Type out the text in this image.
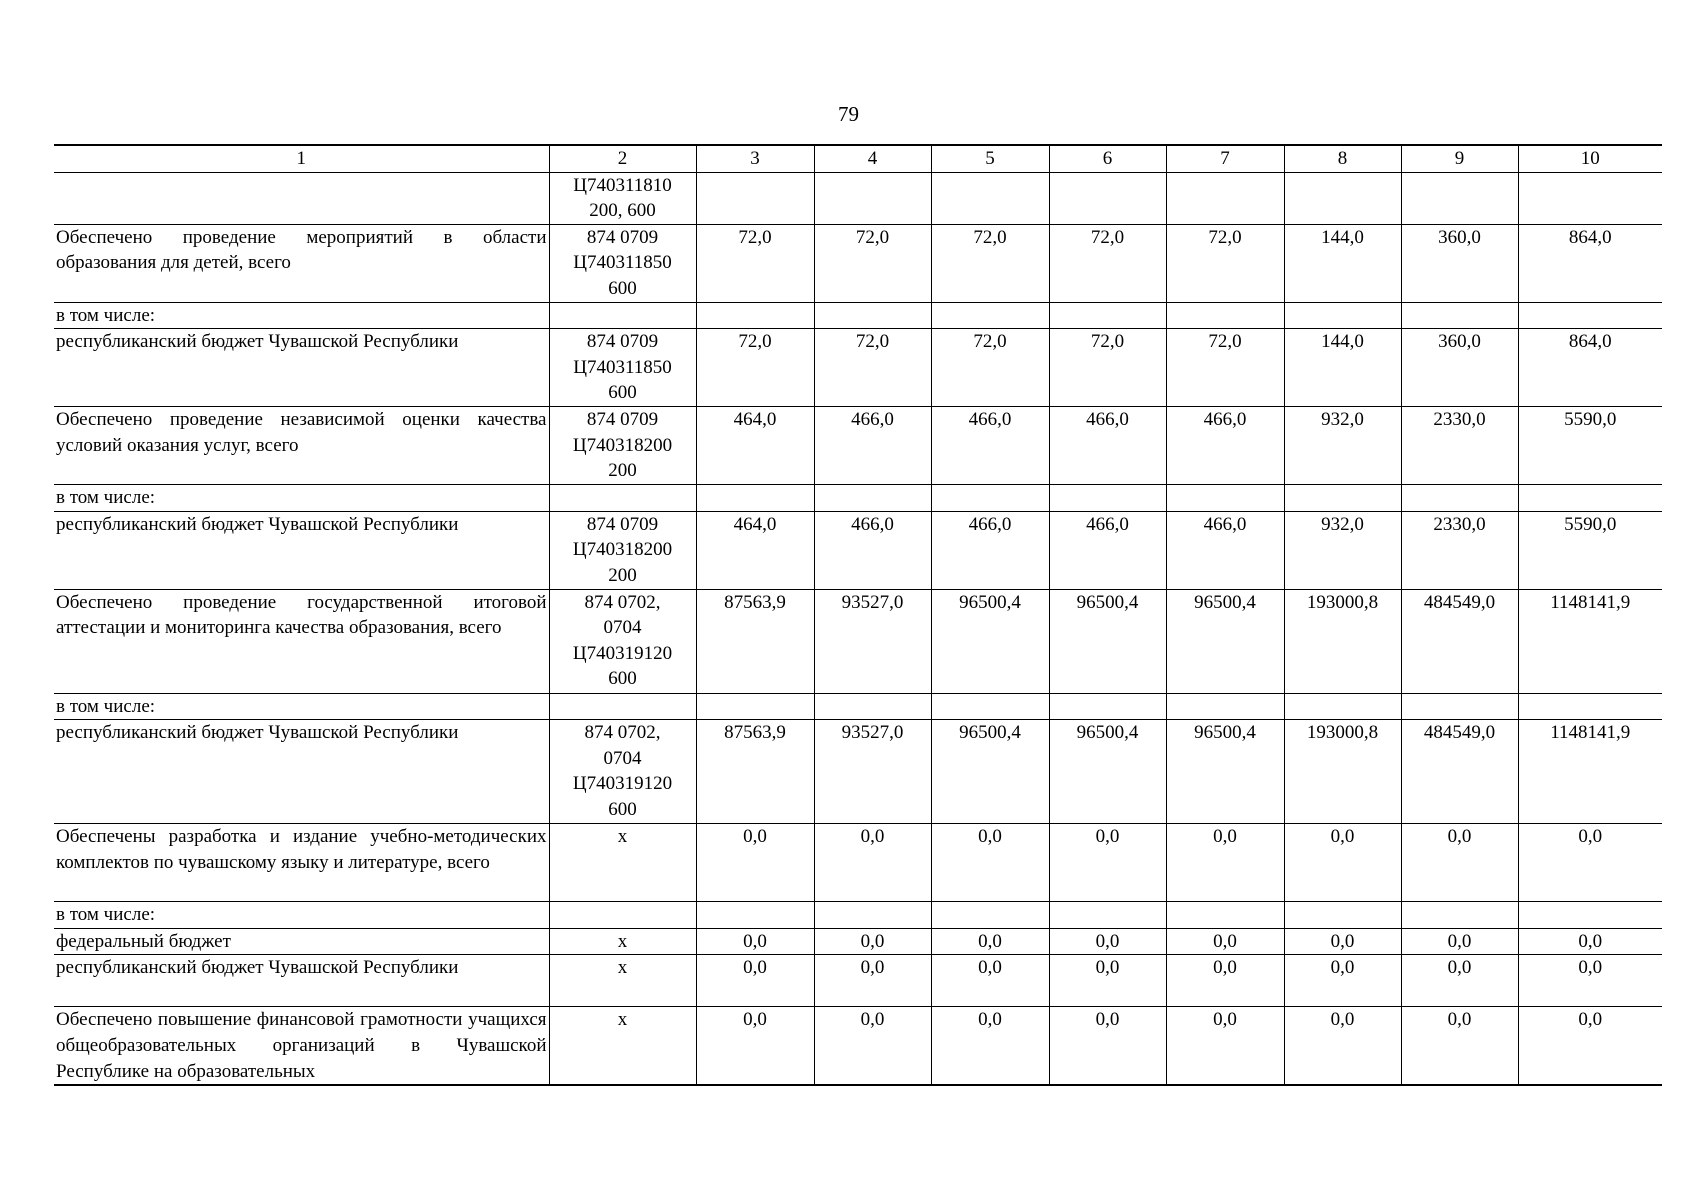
79
1	2	3	4	5	6	7	8	9	10

	Ц740311810
200, 600								

Обеспечено проведение мероприятий в области образования для детей, всего	874 0709
Ц740311850
600	72,0	72,0	72,0	72,0	72,0	144,0	360,0	864,0
в том числе:									
республиканский бюджет Чувашской Республики	874 0709
Ц740311850
600	72,0	72,0	72,0	72,0	72,0	144,0	360,0	864,0
Обеспечено проведение независимой оценки качества условий оказания услуг, всего	874 0709
Ц740318200
200	464,0	466,0	466,0	466,0	466,0	932,0	2330,0	5590,0
в том числе:									
республиканский бюджет Чувашской Республики	874 0709
Ц740318200
200	464,0	466,0	466,0	466,0	466,0	932,0	2330,0	5590,0
Обеспечено проведение государственной итоговой аттестации и мониторинга качества образования, всего	874 0702,
0704
Ц740319120
600	87563,9	93527,0	96500,4	96500,4	96500,4	193000,8	484549,0	1148141,9
в том числе:									
республиканский бюджет Чувашской Республики	874 0702,
0704
Ц740319120
600	87563,9	93527,0	96500,4	96500,4	96500,4	193000,8	484549,0	1148141,9
Обеспечены разработка и издание учебно-методических комплектов по чувашскому языку и литературе, всего	х	0,0	0,0	0,0	0,0	0,0	0,0	0,0	0,0
в том числе:									
федеральный бюджет	х	0,0	0,0	0,0	0,0	0,0	0,0	0,0	0,0
республиканский бюджет Чувашской Республики	х	0,0	0,0	0,0	0,0	0,0	0,0	0,0	0,0
Обеспечено повышение финансовой грамотности учащихся общеобразовательных организаций в Чувашской Республике на образовательных	х	0,0	0,0	0,0	0,0	0,0	0,0	0,0	0,0
